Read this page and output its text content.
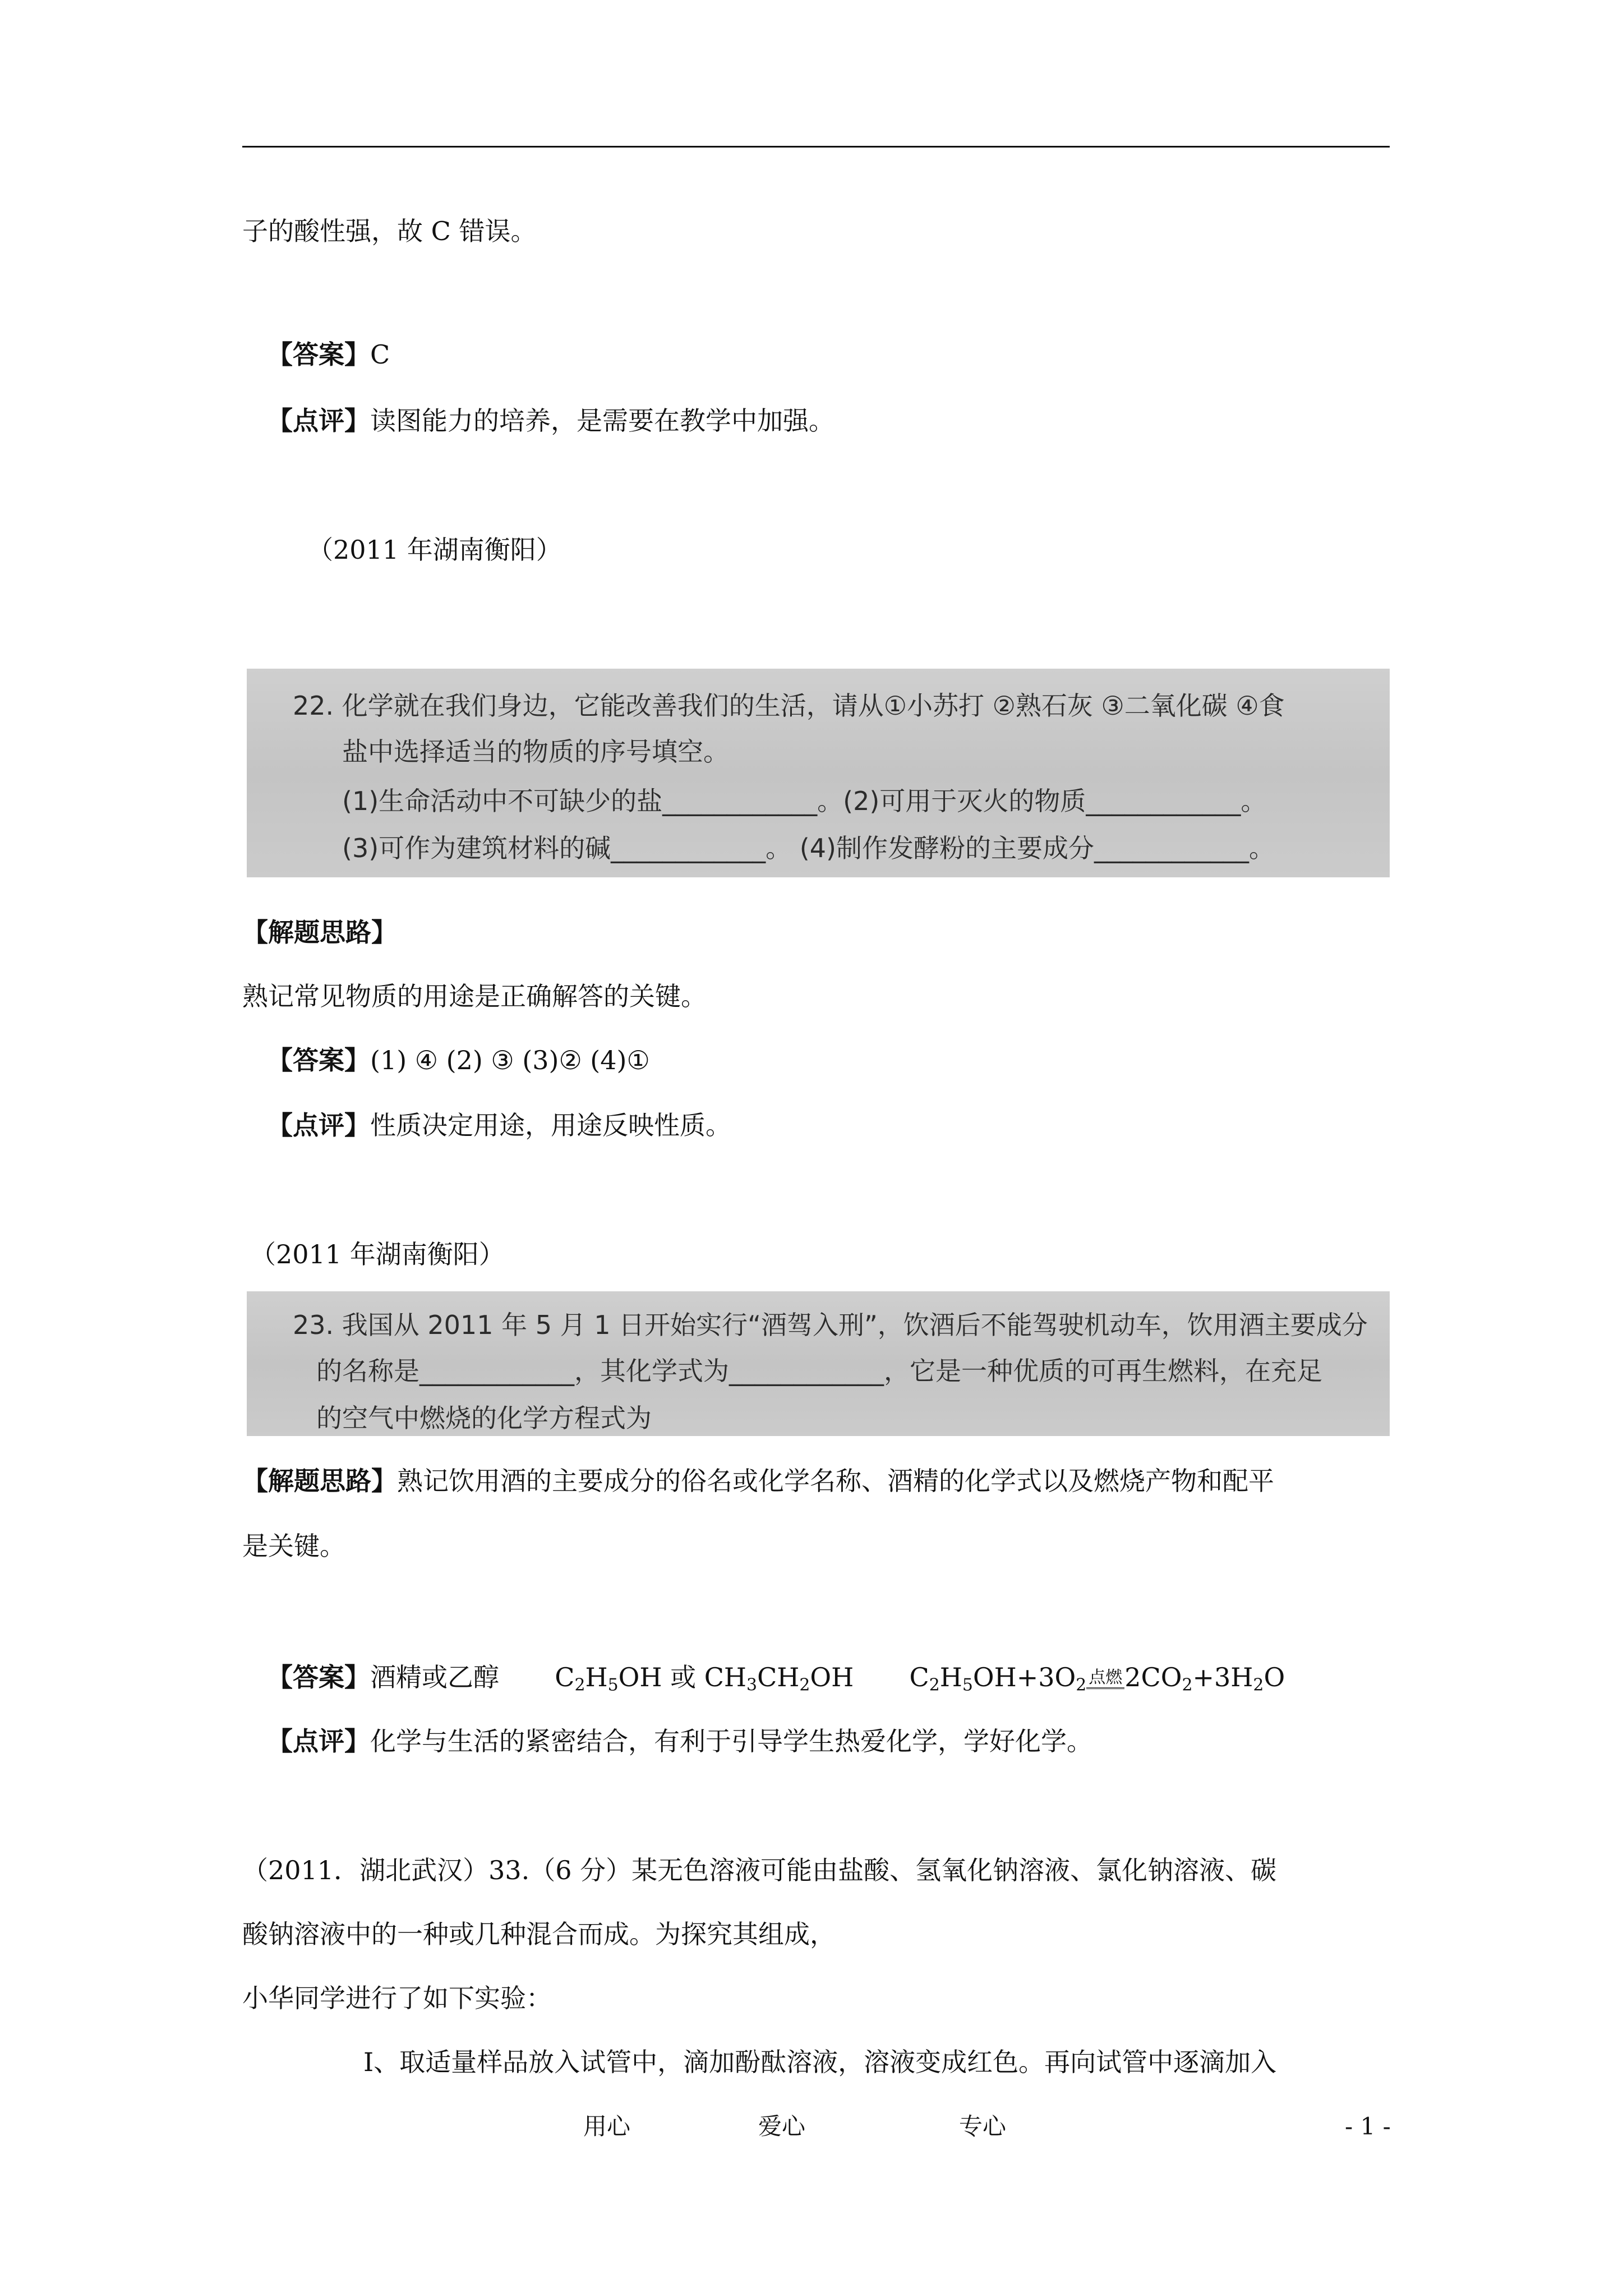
子的酸性强，故 C 错误。
【答案】C
【点评】读图能力的培养，是需要在教学中加强。
（2011 年湖南衡阳）
22. 化学就在我们身边，它能改善我们的生活，请从①小苏打 ②熟石灰 ③二氧化碳 ④食
盐中选择适当的物质的序号填空。
(1)生命活动中不可缺少的盐____________。(2)可用于灭火的物质____________。
(3)可作为建筑材料的碱____________。 (4)制作发酵粉的主要成分____________。
【解题思路】
熟记常见物质的用途是正确解答的关键。
【答案】(1) ④ (2) ③ (3)② (4)①
【点评】性质决定用途，用途反映性质。
（2011 年湖南衡阳）
23. 我国从 2011 年 5 月 1 日开始实行“酒驾入刑”，饮酒后不能驾驶机动车，饮用酒主要成分
的名称是____________，其化学式为____________，它是一种优质的可再生燃料，在充足
的空气中燃烧的化学方程式为
【解题思路】熟记饮用酒的主要成分的俗名或化学名称、酒精的化学式以及燃烧产物和配平
是关键。
【答案】酒精或乙醇 $C_2H_5OH$ 或 $CH_3CH_2OH$ $C_2H_5OH+3O_2$ 点燃$2CO_2+3H_2O$
【点评】化学与生活的紧密结合，有利于引导学生热爱化学，学好化学。
（2011．湖北武汉）33.（6 分）某无色溶液可能由盐酸、氢氧化钠溶液、氯化钠溶液、碳
酸钠溶液中的一种或几种混合而成。为探究其组成，
小华同学进行了如下实验：
Ⅰ、取适量样品放入试管中，滴加酚酞溶液，溶液变成红色。再向试管中逐滴加入
用心	爱心	专心	- 1 -
